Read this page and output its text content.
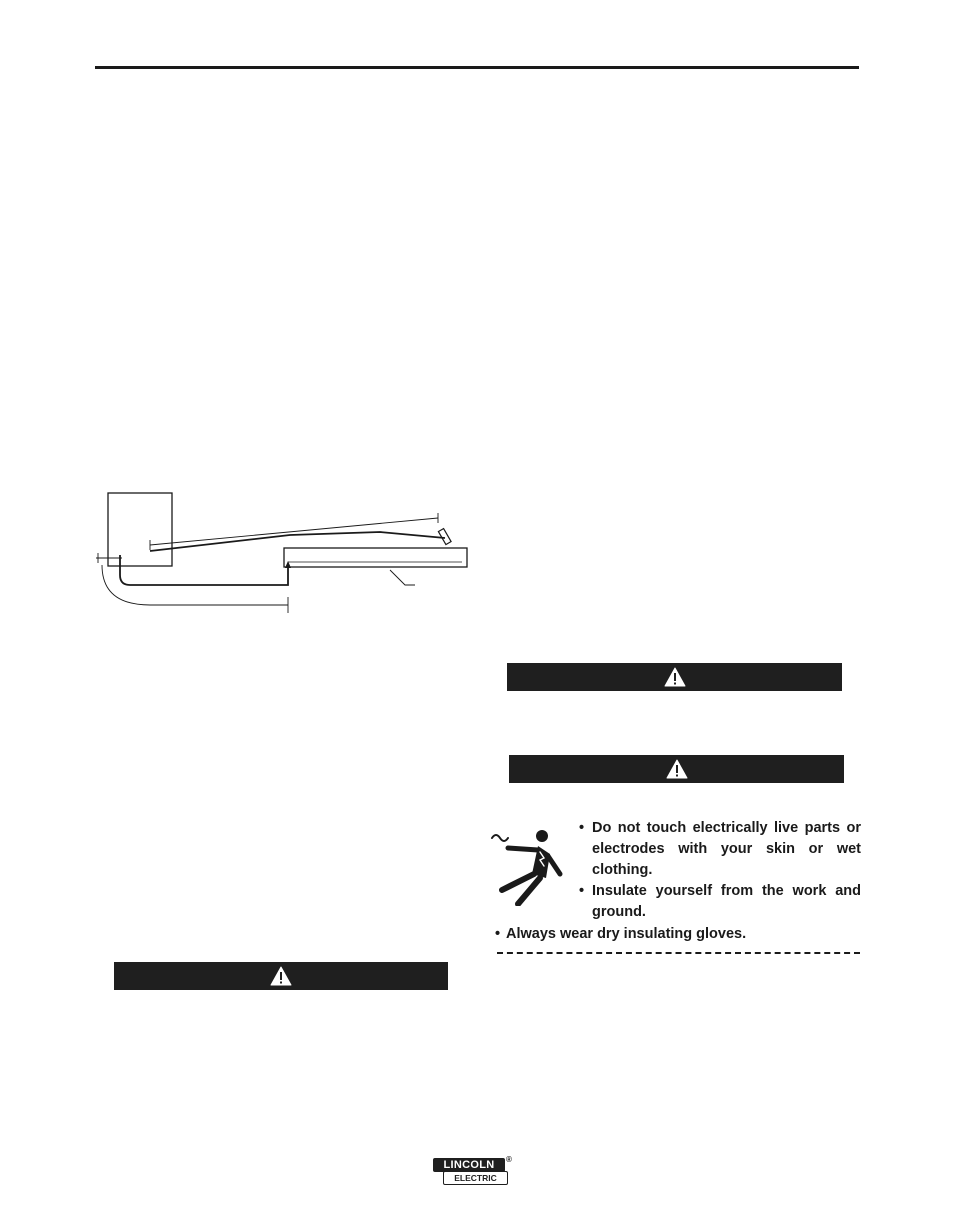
• Do not touch electrically live parts or electrodes with your skin or wet clothing.
• Insulate yourself from the work and ground.
• Always wear dry insulating gloves.
LINCOLN
ELECTRIC
®
